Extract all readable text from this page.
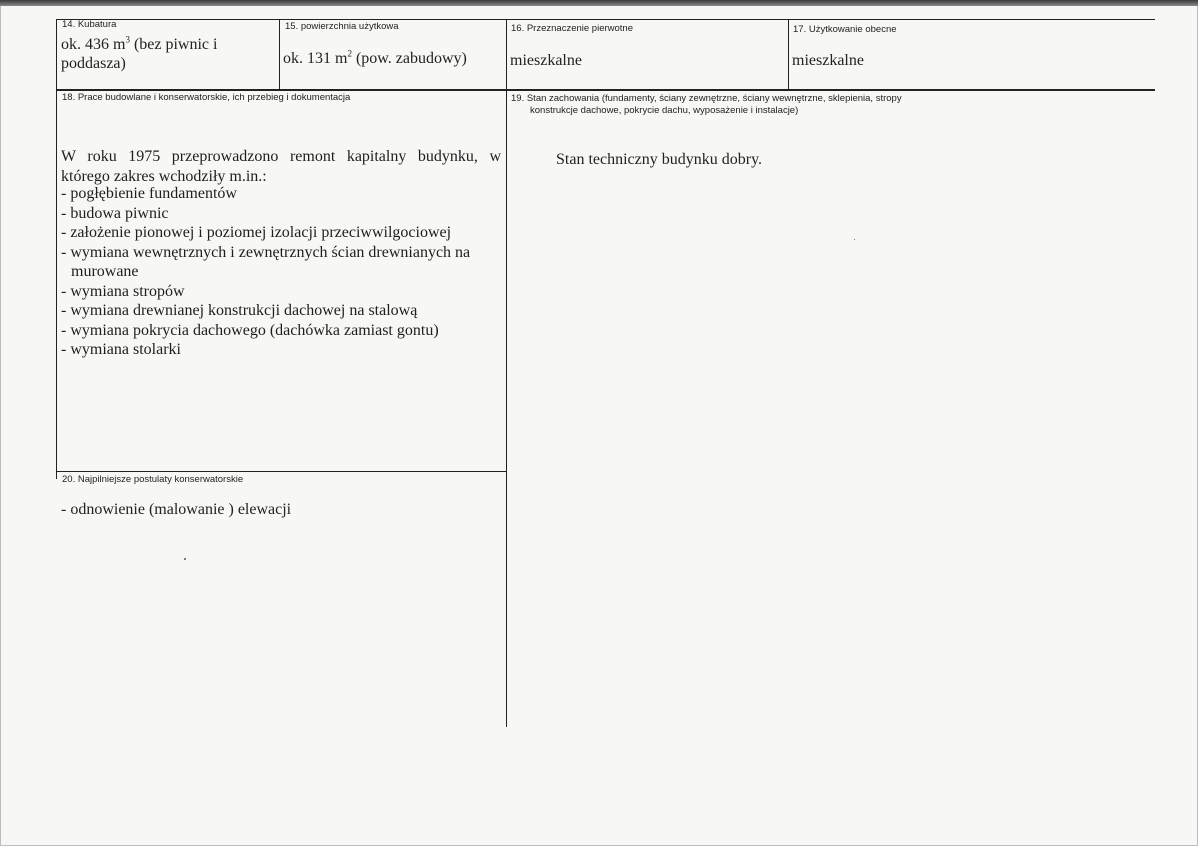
14. Kubatura
ok. 436 $m^3$ (bez piwnic i
poddasza)
15. powierzchnia użytkowa
ok. 131 $m^2$ (pow. zabudowy)
16. Przeznaczenie pierwotne
mieszkalne
17. Użytkowanie obecne
mieszkalne
18. Prace budowlane i konserwatorskie, ich przebieg i dokumentacja
W roku 1975 przeprowadzono remont kapitalny budynku, w którego zakres wchodziły m.in.:
- pogłębienie fundamentów
- budowa piwnic
- założenie pionowej i poziomej izolacji przeciwwilgociowej
- wymiana wewnętrznych i zewnętrznych ścian drewnianych na murowane
- wymiana stropów
- wymiana drewnianej konstrukcji dachowej na stalową
- wymiana pokrycia dachowego (dachówka zamiast gontu)
- wymiana stolarki
19. Stan zachowania (fundamenty, ściany zewnętrzne, ściany wewnętrzne, sklepienia, stropy
konstrukcje dachowe, pokrycie dachu, wyposażenie i instalacje)
Stan techniczny budynku dobry.
20. Najpilniejsze postulaty konserwatorskie
- odnowienie (malowanie ) elewacji
